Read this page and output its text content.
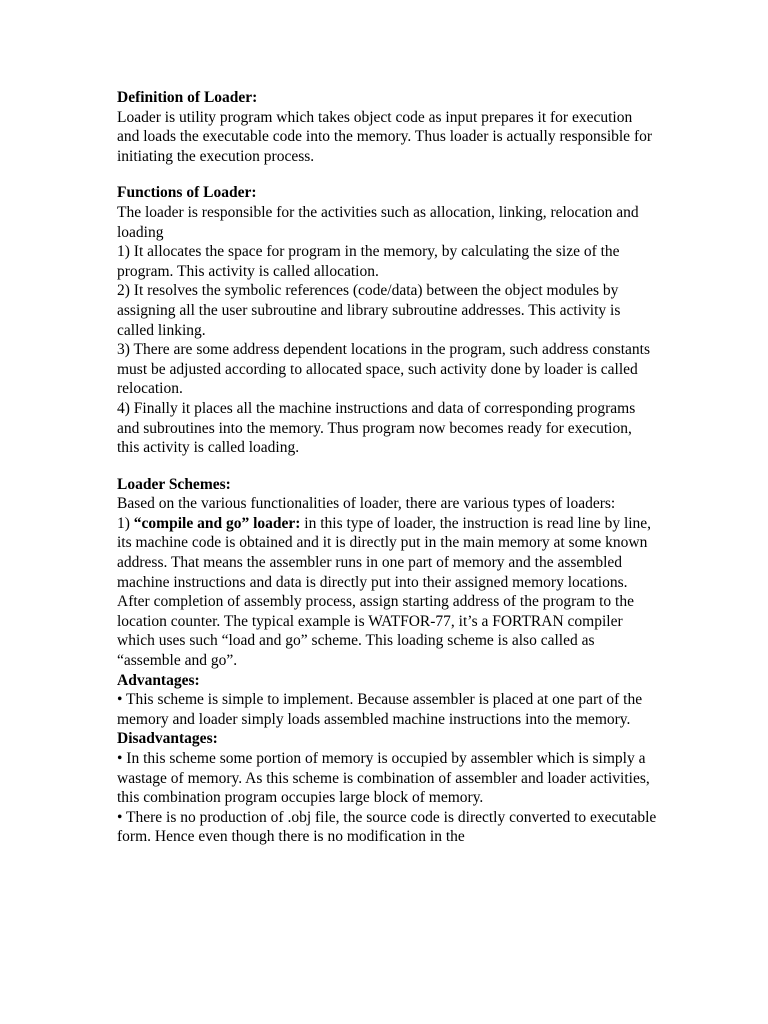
Definition of Loader:
Loader is utility program which takes object code as input prepares it for execution and loads the executable code into the memory. Thus loader is actually responsible for initiating the execution process.
Functions of Loader:
The loader is responsible for the activities such as allocation, linking, relocation and loading
1) It allocates the space for program in the memory, by calculating the size of the program. This activity is called allocation.
2) It resolves the symbolic references (code/data) between the object modules by assigning all the user subroutine and library subroutine addresses. This activity is called linking.
3) There are some address dependent locations in the program, such address constants must be adjusted according to allocated space, such activity done by loader is called relocation.
4) Finally it places all the machine instructions and data of corresponding programs and subroutines into the memory. Thus program now becomes ready for execution, this activity is called loading.
Loader Schemes:
Based on the various functionalities of loader, there are various types of loaders:
1) “compile and go” loader: in this type of loader, the instruction is read line by line, its machine code is obtained and it is directly put in the main memory at some known address. That means the assembler runs in one part of memory and the assembled machine instructions and data is directly put into their assigned memory locations. After completion of assembly process, assign starting address of the program to the location counter. The typical example is WATFOR-77, it’s a FORTRAN compiler which uses such “load and go” scheme. This loading scheme is also called as “assemble and go”.
Advantages:
• This scheme is simple to implement. Because assembler is placed at one part of the memory and loader simply loads assembled machine instructions into the memory.
Disadvantages:
• In this scheme some portion of memory is occupied by assembler which is simply a wastage of memory. As this scheme is combination of assembler and loader activities, this combination program occupies large block of memory.
• There is no production of .obj file, the source code is directly converted to executable form. Hence even though there is no modification in the
